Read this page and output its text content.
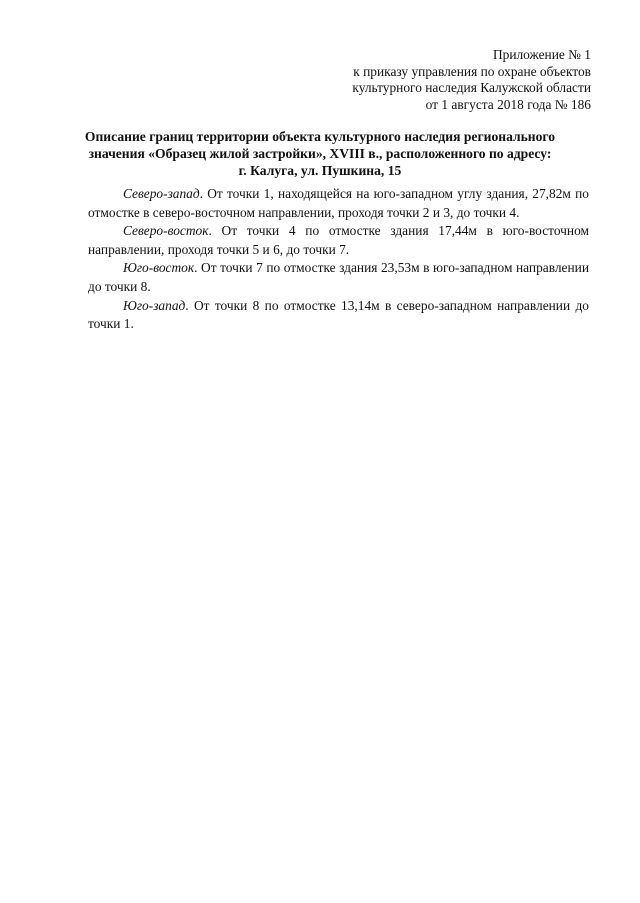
Приложение № 1
к приказу управления по охране объектов
культурного наследия Калужской области
от 1 августа 2018 года № 186
Описание границ территории объекта культурного наследия регионального
значения «Образец жилой застройки», XVIII в., расположенного по адресу:
г. Калуга, ул. Пушкина, 15

Северо-запад. От точки 1, находящейся на юго-западном углу здания, 27,82м по отмостке в северо-восточном направлении, проходя точки 2 и 3, до точки 4.

Северо-восток. От точки 4 по отмостке здания 17,44м в юго-восточном направлении, проходя точки 5 и 6, до точки 7.

Юго-восток. От точки 7 по отмостке здания 23,53м в юго-западном направлении до точки 8.

Юго-запад. От точки 8 по отмостке 13,14м в северо-западном направлении до точки 1.
